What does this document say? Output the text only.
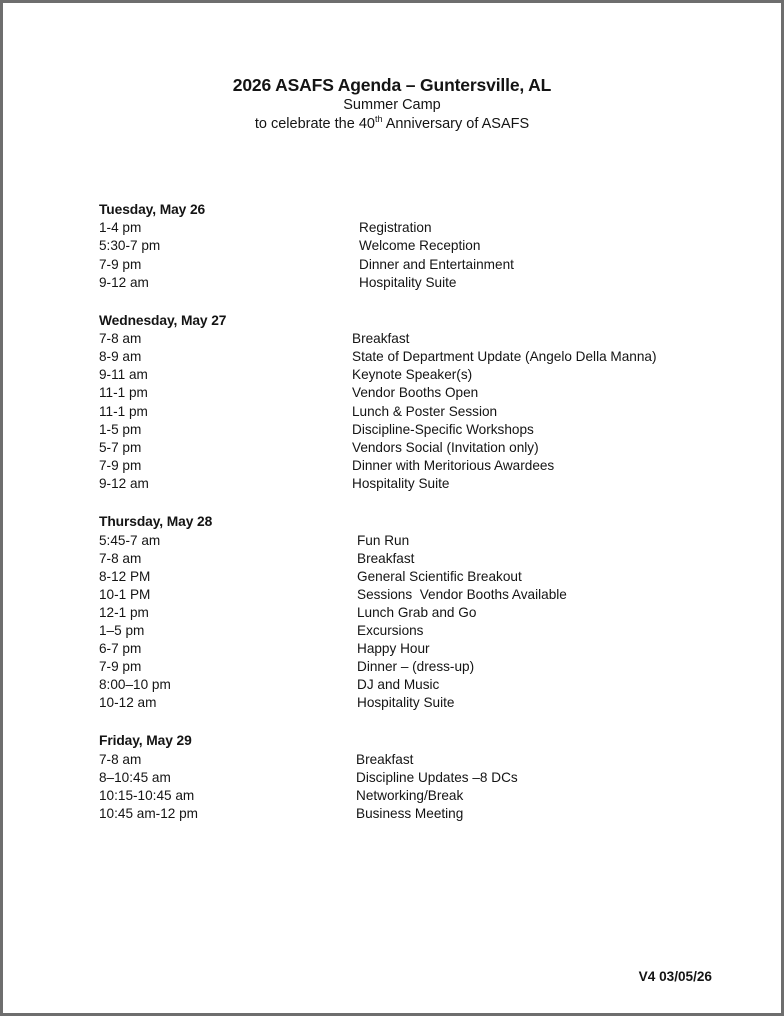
2026 ASAFS Agenda – Guntersville, AL
Summer Camp
to celebrate the 40th Anniversary of ASAFS
Tuesday, May 26
1-4 pm	Registration
5:30-7 pm	Welcome Reception
7-9 pm	Dinner and Entertainment
9-12 am	Hospitality Suite
Wednesday, May 27
7-8 am	Breakfast
8-9 am	State of Department Update (Angelo Della Manna)
9-11 am	Keynote Speaker(s)
11-1 pm	Vendor Booths Open
11-1 pm	Lunch & Poster Session
1-5 pm	Discipline-Specific Workshops
5-7 pm	Vendors Social (Invitation only)
7-9 pm	Dinner with Meritorious Awardees
9-12 am	Hospitality Suite
Thursday, May 28
5:45-7 am	Fun Run
7-8 am	Breakfast
8-12 PM	General Scientific Breakout
10-1 PM	Sessions  Vendor Booths Available
12-1 pm	Lunch Grab and Go
1–5 pm	Excursions
6-7 pm	Happy Hour
7-9 pm	Dinner – (dress-up)
8:00–10 pm	DJ and Music
10-12 am	Hospitality Suite
Friday, May 29
7-8 am	Breakfast
8–10:45 am	Discipline Updates –8 DCs
10:15-10:45 am	Networking/Break
10:45 am-12 pm	Business Meeting
V4 03/05/26
